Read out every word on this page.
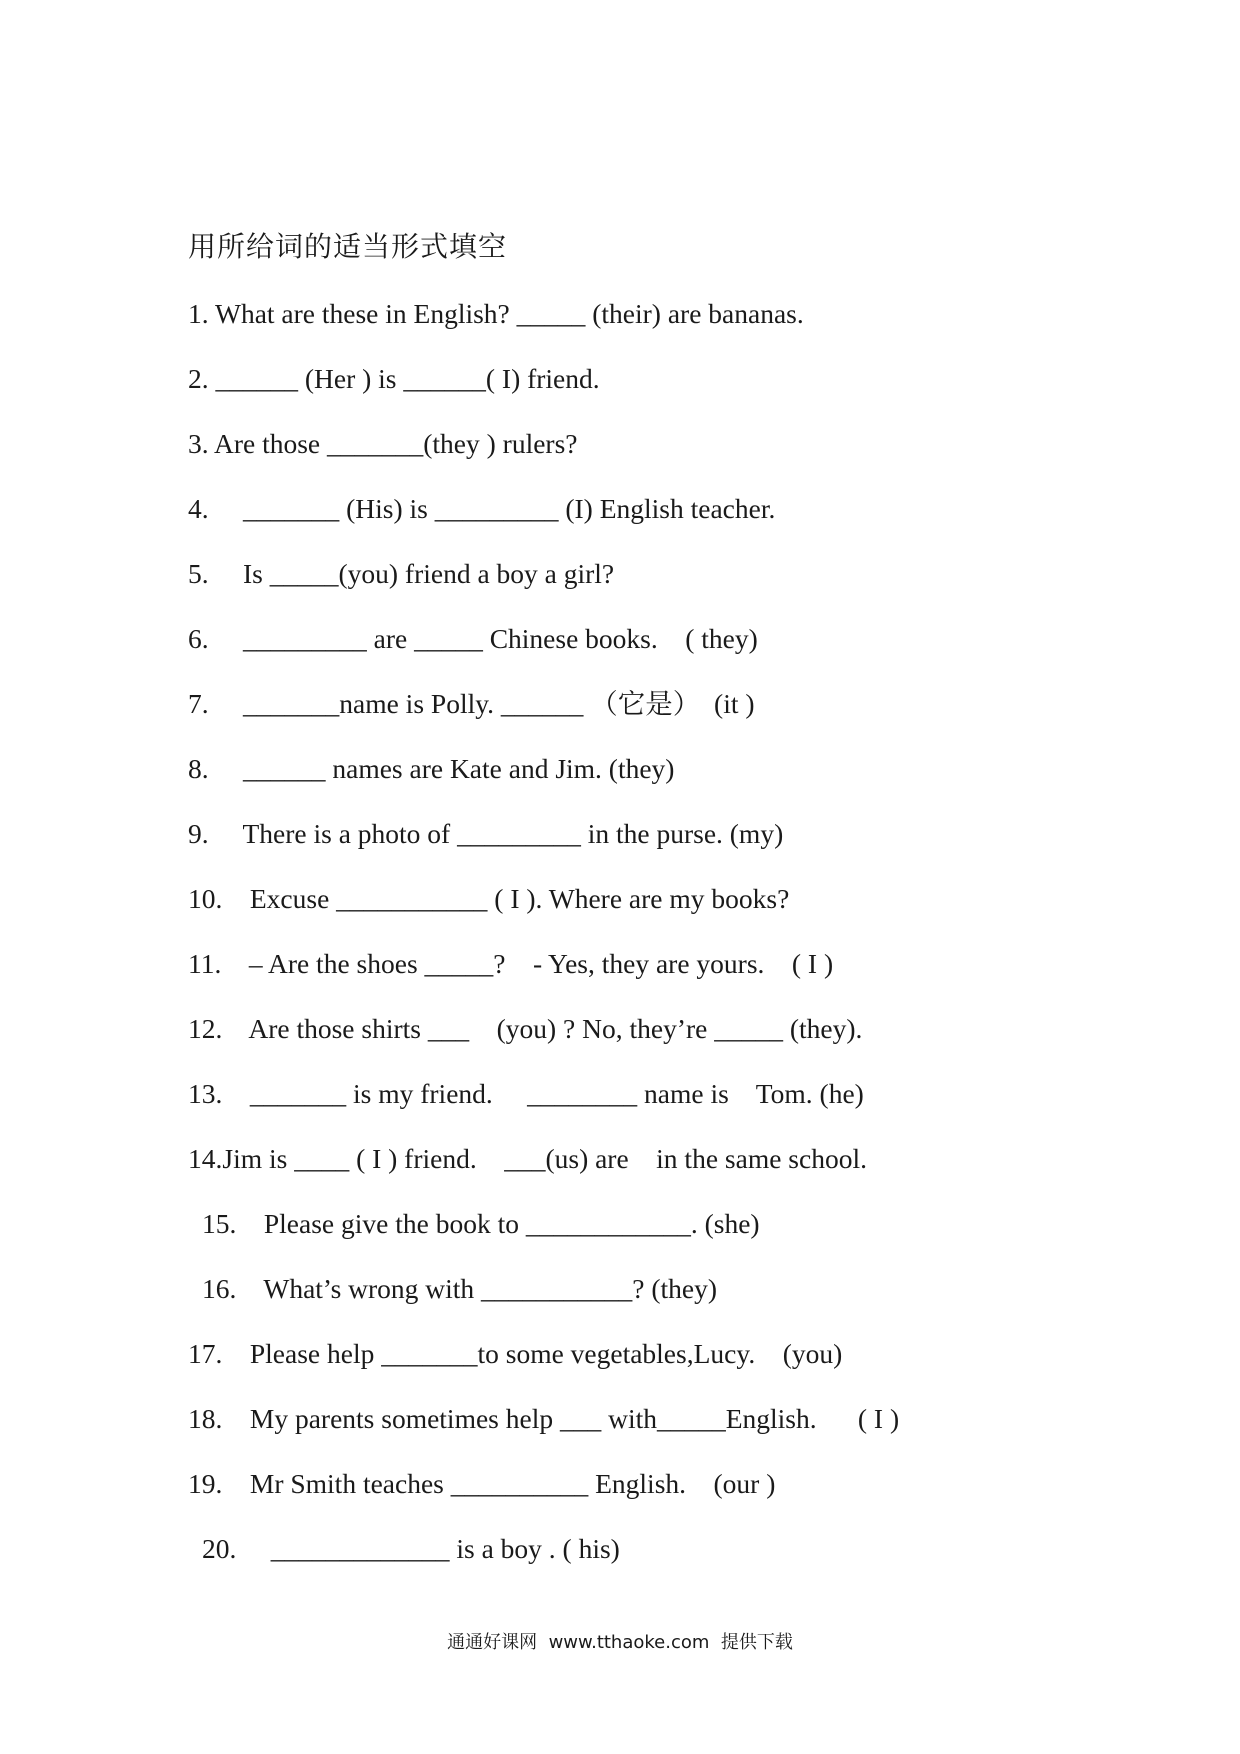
用所给词的适当形式填空
1. What are these in English? _____ (their) are bananas.
2. ______ (Her ) is ______( I) friend.
3. Are those _______(they ) rulers?
4.     _______ (His) is _________ (I) English teacher.
5.     Is _____(you) friend a boy a girl?
6.     _________ are _____ Chinese books.    ( they)
7.     _______name is Polly. ______ （它是）  (it )
8.     ______ names are Kate and Jim. (they)
9.     There is a photo of _________ in the purse. (my)
10.    Excuse ___________ ( I ). Where are my books?
11.    – Are the shoes _____?    - Yes, they are yours.    ( I )
12.    Are those shirts ___    (you) ? No, they’re _____ (they).
13.    _______ is my friend.     ________ name is    Tom. (he)
14.Jim is ____ ( I ) friend.    ___(us) are    in the same school.
15.    Please give the book to ____________. (she)
16.    What’s wrong with ___________? (they)
17.    Please help _______to some vegetables,Lucy.    (you)
18.    My parents sometimes help ___ with_____English.      ( I )
19.    Mr Smith teaches __________ English.    (our )
20.     _____________ is a boy . ( his)
通通好课网  www.tthaoke.com  提供下载
